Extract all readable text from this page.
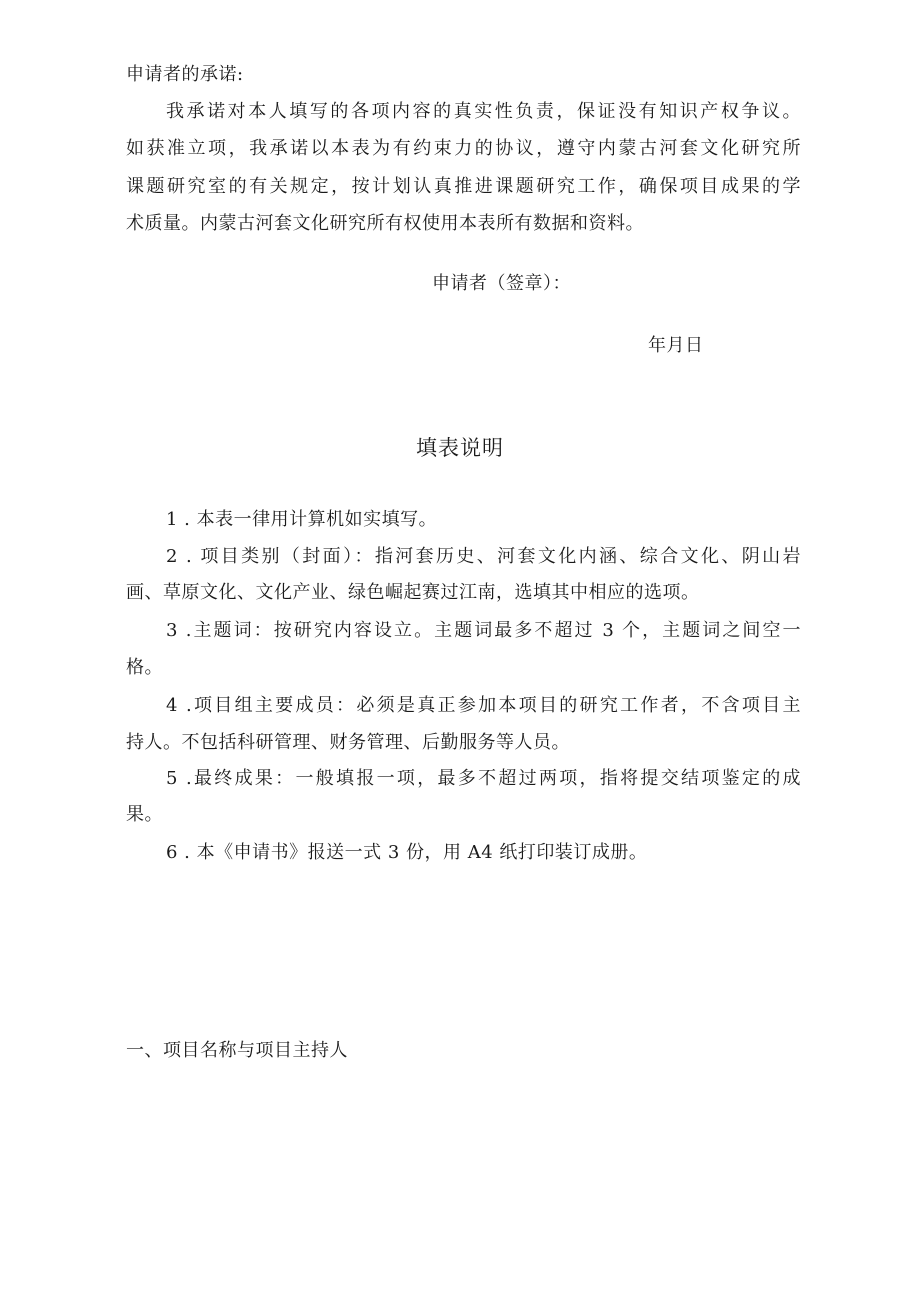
申请者的承诺:
我承诺对本人填写的各项内容的真实性负责，保证没有知识产权争议。
如获准立项，我承诺以本表为有约束力的协议，遵守内蒙古河套文化研究所
课题研究室的有关规定，按计划认真推进课题研究工作，确保项目成果的学
术质量。内蒙古河套文化研究所有权使用本表所有数据和资料。
申请者（签章）：
年月日
填表说明
1 . 本表一律用计算机如实填写。
2 . 项目类别（封面）：指河套历史、河套文化内涵、综合文化、阴山岩
画、草原文化、文化产业、绿色崛起赛过江南，选填其中相应的选项。
3 .主题词：按研究内容设立。主题词最多不超过 3 个，主题词之间空一
格。
4 .项目组主要成员：必须是真正参加本项目的研究工作者，不含项目主
持人。不包括科研管理、财务管理、后勤服务等人员。
5 .最终成果：一般填报一项，最多不超过两项，指将提交结项鉴定的成
果。
6 . 本《申请书》报送一式 3 份，用 A4 纸打印装订成册。
一、项目名称与项目主持人
